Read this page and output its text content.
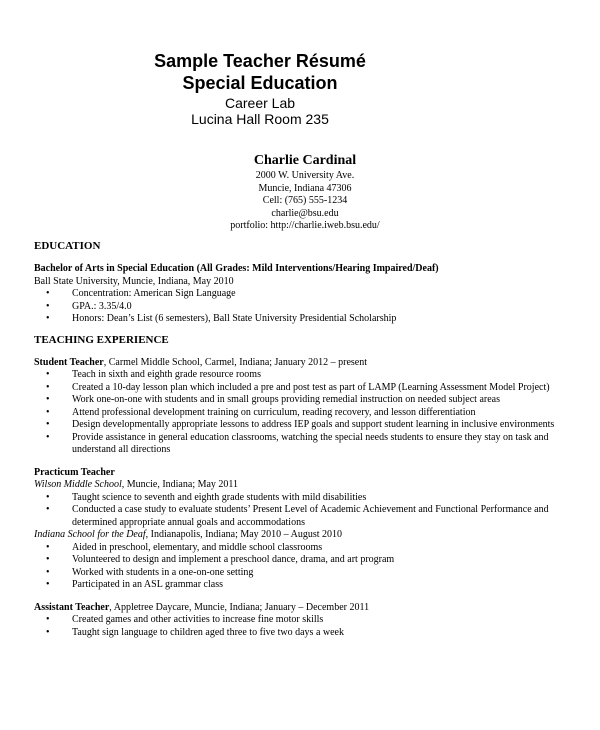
Sample Teacher Résumé
Special Education
Career Lab
Lucina Hall Room 235
Charlie Cardinal
2000 W. University Ave.
Muncie, Indiana 47306
Cell: (765) 555-1234
charlie@bsu.edu
portfolio: http://charlie.iweb.bsu.edu/
EDUCATION
Bachelor of Arts in Special Education (All Grades: Mild Interventions/Hearing Impaired/Deaf)
Ball State University, Muncie, Indiana, May 2010
• Concentration: American Sign Language
• GPA.: 3.35/4.0
• Honors: Dean’s List (6 semesters), Ball State University Presidential Scholarship
TEACHING EXPERIENCE
Student Teacher, Carmel Middle School, Carmel, Indiana; January 2012 – present
• Teach in sixth and eighth grade resource rooms
• Created a 10-day lesson plan which included a pre and post test as part of LAMP (Learning Assessment Model Project)
• Work one-on-one with students and in small groups providing remedial instruction on needed subject areas
• Attend professional development training on curriculum, reading recovery, and lesson differentiation
• Design developmentally appropriate lessons to address IEP goals and support student learning in inclusive environments
• Provide assistance in general education classrooms, watching the special needs students to ensure they stay on task and understand all directions
Practicum Teacher
Wilson Middle School, Muncie, Indiana; May 2011
• Taught science to seventh and eighth grade students with mild disabilities
• Conducted a case study to evaluate students’ Present Level of Academic Achievement and Functional Performance and determined appropriate annual goals and accommodations
Indiana School for the Deaf, Indianapolis, Indiana; May 2010 – August 2010
• Aided in preschool, elementary, and middle school classrooms
• Volunteered to design and implement a preschool dance, drama, and art program
• Worked with students in a one-on-one setting
• Participated in an ASL grammar class
Assistant Teacher, Appletree Daycare, Muncie, Indiana; January – December 2011
• Created games and other activities to increase fine motor skills
• Taught sign language to children aged three to five two days a week
